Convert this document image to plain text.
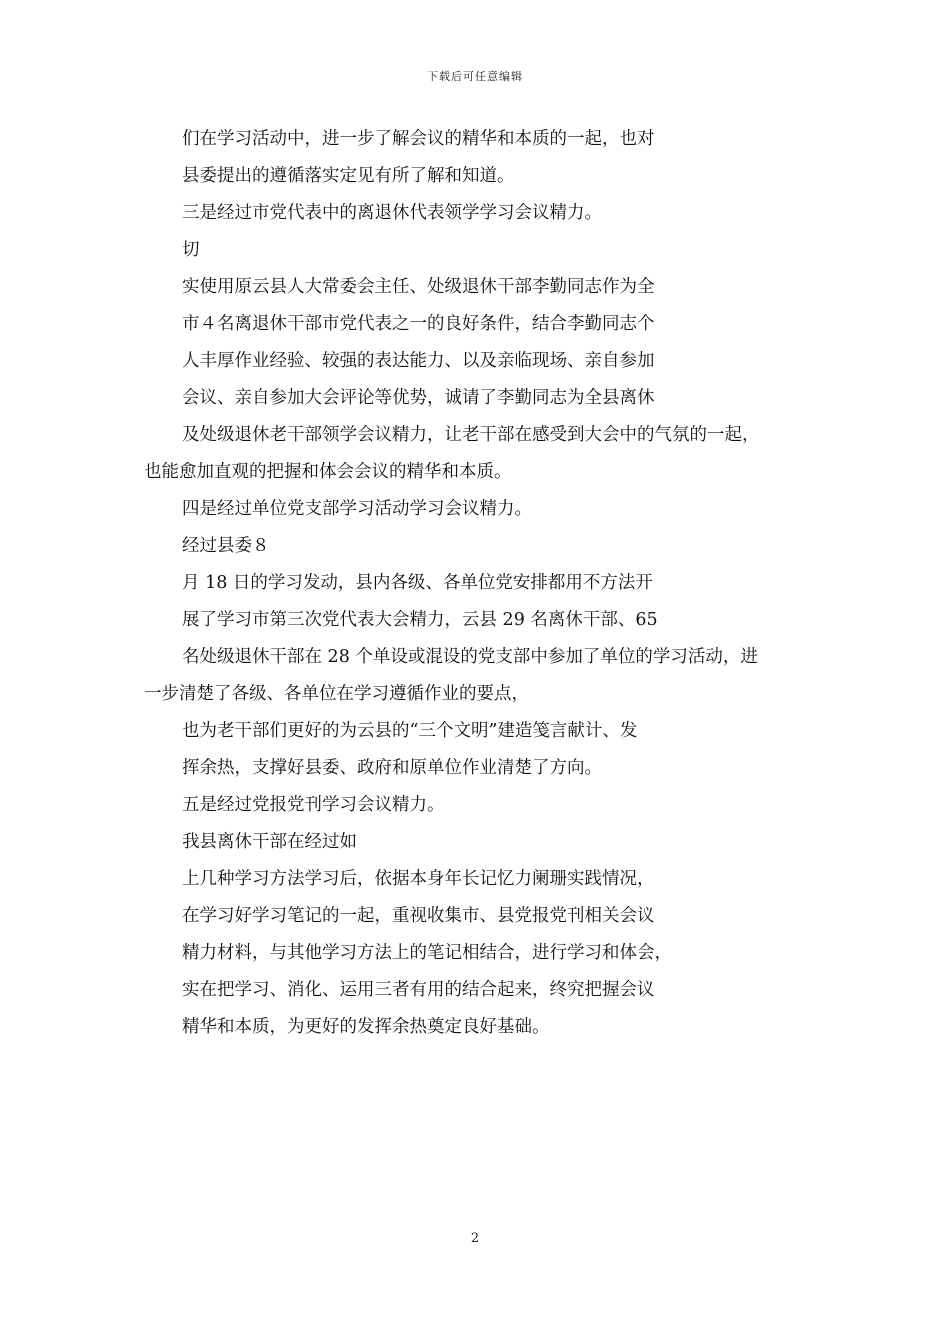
下载后可任意编辑
们在学习活动中，进一步了解会议的精华和本质的一起，也对
县委提出的遵循落实定见有所了解和知道。
三是经过市党代表中的离退休代表领学学习会议精力。
切
实使用原云县人大常委会主任、处级退休干部李勤同志作为全
市４名离退休干部市党代表之一的良好条件，结合李勤同志个
人丰厚作业经验、较强的表达能力、以及亲临现场、亲自参加
会议、亲自参加大会评论等优势，诚请了李勤同志为全县离休
及处级退休老干部领学会议精力，让老干部在感受到大会中的气氛的一起，
也能愈加直观的把握和体会会议的精华和本质。
四是经过单位党支部学习活动学习会议精力。
经过县委８
月 18 日的学习发动，县内各级、各单位党安排都用不方法开
展了学习市第三次党代表大会精力，云县 29 名离休干部、65
名处级退休干部在 28 个单设或混设的党支部中参加了单位的学习活动，进
一步清楚了各级、各单位在学习遵循作业的要点，
也为老干部们更好的为云县的“三个文明”建造笺言献计、发
挥余热，支撑好县委、政府和原单位作业清楚了方向。
五是经过党报党刊学习会议精力。
我县离休干部在经过如
上几种学习方法学习后，依据本身年长记忆力阑珊实践情况，
在学习好学习笔记的一起，重视收集市、县党报党刊相关会议
精力材料，与其他学习方法上的笔记相结合，进行学习和体会，
实在把学习、消化、运用三者有用的结合起来，终究把握会议
精华和本质，为更好的发挥余热奠定良好基础。
2
